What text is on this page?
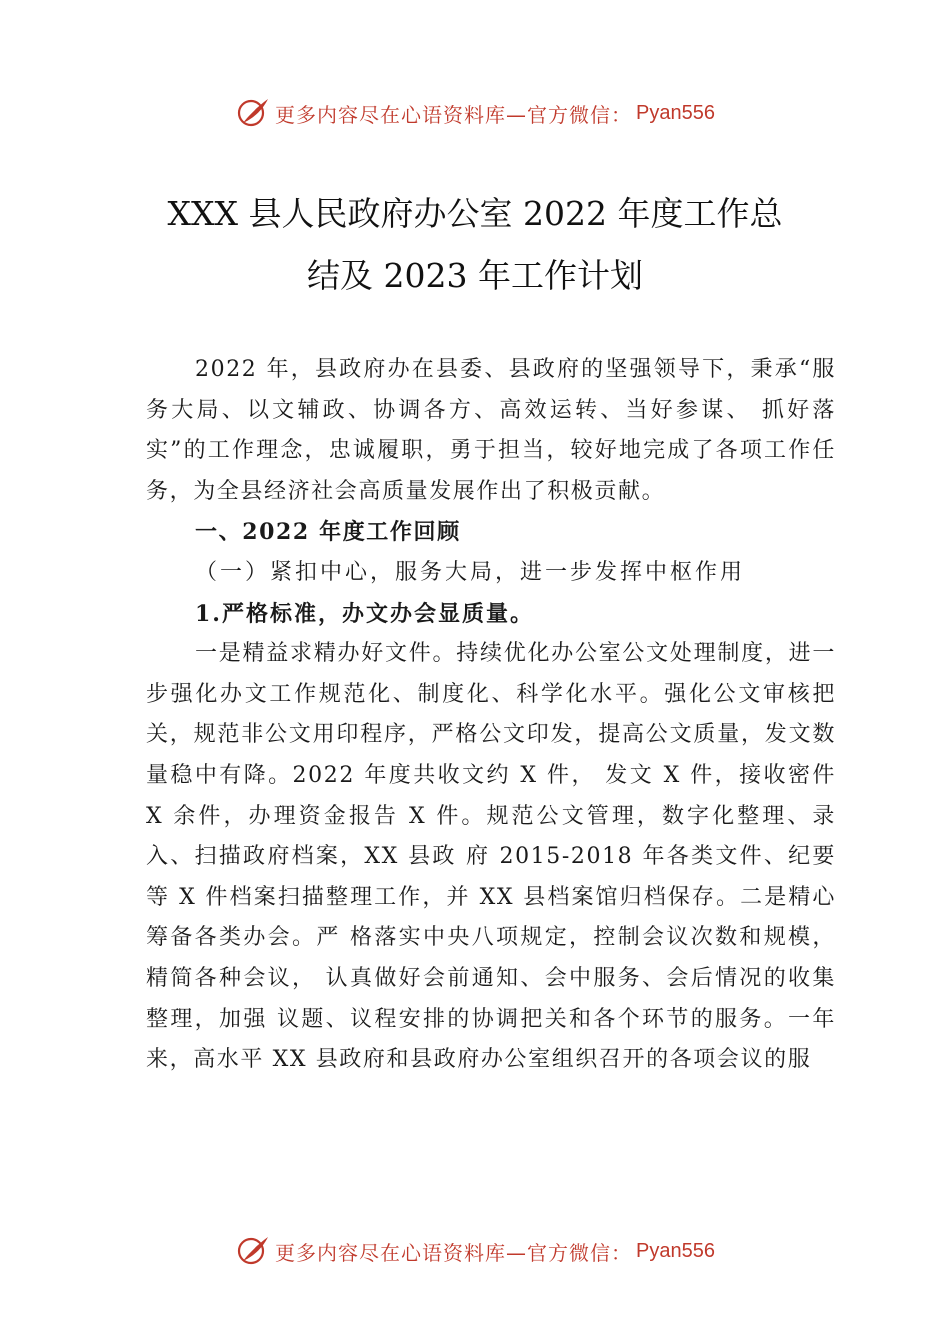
更多内容尽在心语资料库—官方微信： Pyan556
XXX 县人民政府办公室 2022 年度工作总
结及 2023 年工作计划

2022 年，县政府办在县委、县政府的坚强领导下，秉承“服务大局、以文辅政、协调各方、高效运转、当好参谋、 抓好落实”的工作理念，忠诚履职，勇于担当，较好地完成了各项工作任务，为全县经济社会高质量发展作出了积极贡献。

一、2022 年度工作回顾

（一）紧扣中心，服务大局，进一步发挥中枢作用

1.严格标准，办文办会显质量。

一是精益求精办好文件。持续优化办公室公文处理制度，进一步强化办文工作规范化、制度化、科学化水平。强化公文审核把关，规范非公文用印程序，严格公文印发，提高公文质量，发文数量稳中有降。2022 年度共收文约 X 件， 发文 X 件，接收密件 X 余件，办理资金报告 X 件。规范公文管理，数字化整理、录入、扫描政府档案，XX 县政 府 2015-2018 年各类文件、纪要等 X 件档案扫描整理工作，并 XX 县档案馆归档保存。二是精心筹备各类办会。严 格落实中央八项规定，控制会议次数和规模，精简各种会议， 认真做好会前通知、会中服务、会后情况的收集整理，加强 议题、议程安排的协调把关和各个环节的服务。一年来，高水平 XX 县政府和县政府办公室组织召开的各项会议的服

更多内容尽在心语资料库—官方微信： Pyan556
